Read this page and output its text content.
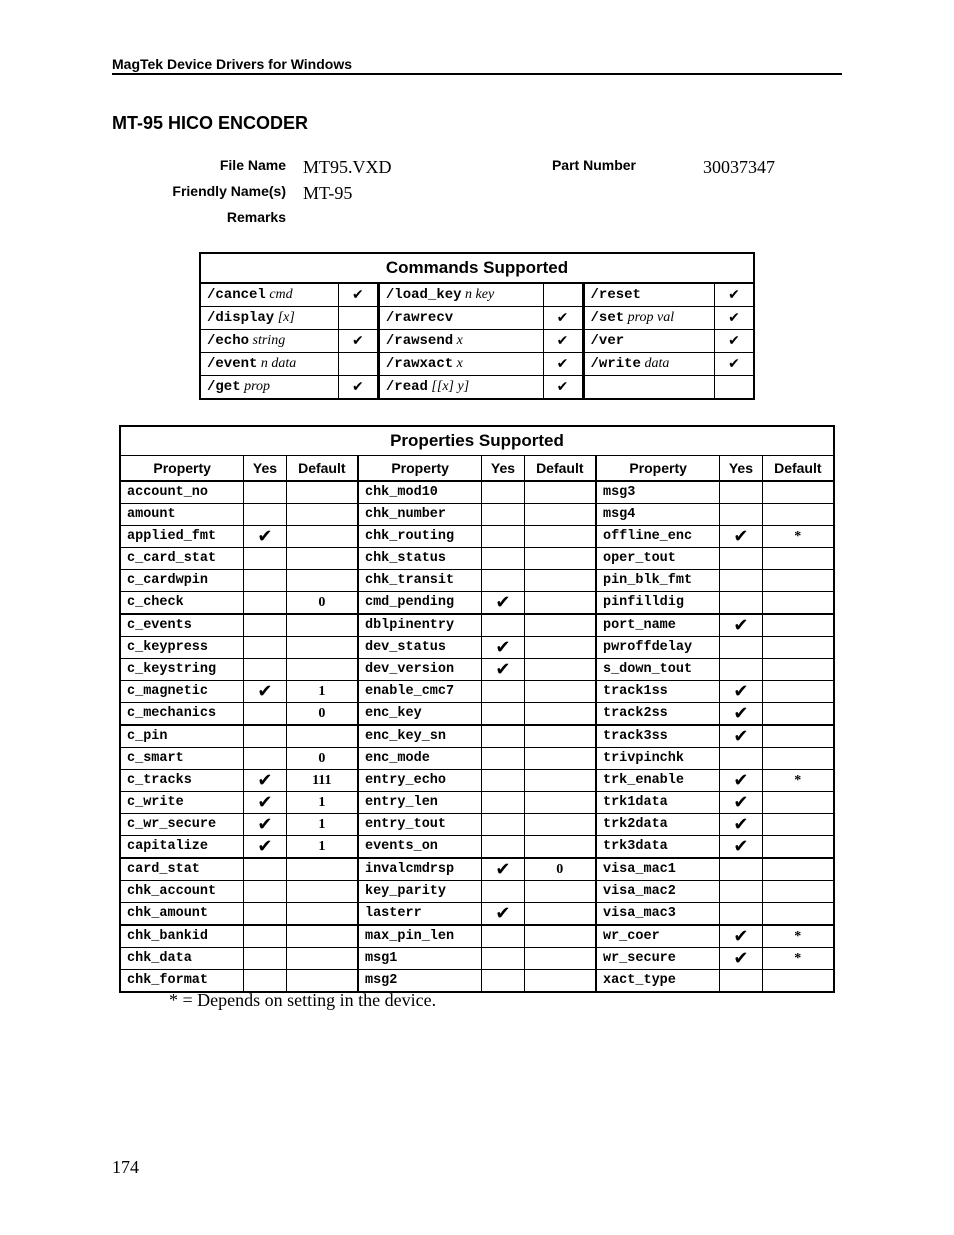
MagTek Device Drivers for Windows
MT-95 HICO ENCODER
File Name MT95.VXD	Part Number	30037347
Friendly Name(s) MT-95
Remarks
Commands Supported					
/cancel cmd	✔	/load_key n key		/reset	✔
/display [x]		/rawrecv	✔	/set prop val	✔
/echo string	✔	/rawsend x	✔	/ver	✔
/event n data		/rawxact x	✔	/write data	✔
/get prop	✔	/read [[x] y]	✔		
Properties Supported								
Property	Yes	Default	Property	Yes	Default	Property	Yes	Default
account_no			chk_mod10			msg3		
amount			chk_number			msg4		
applied_fmt	✔		chk_routing			offline_enc	✔	*
c_card_stat			chk_status			oper_tout		
c_cardwpin			chk_transit			pin_blk_fmt		
c_check		0	cmd_pending	✔		pinfilldig		
c_events			dblpinentry			port_name	✔	
c_keypress			dev_status	✔		pwroffdelay		
c_keystring			dev_version	✔		s_down_tout		
c_magnetic	✔	1	enable_cmc7			track1ss	✔	
c_mechanics		0	enc_key			track2ss	✔	
c_pin			enc_key_sn			track3ss	✔	
c_smart		0	enc_mode			trivpinchk		
c_tracks	✔	111	entry_echo			trk_enable	✔	*
c_write	✔	1	entry_len			trk1data	✔	
c_wr_secure	✔	1	entry_tout			trk2data	✔	
capitalize	✔	1	events_on			trk3data	✔	
card_stat			invalcmdrsp	✔	0	visa_mac1		
chk_account			key_parity			visa_mac2		
chk_amount			lasterr	✔		visa_mac3		
chk_bankid			max_pin_len			wr_coer	✔	*
chk_data			msg1			wr_secure	✔	*
chk_format			msg2			xact_type		
* = Depends on setting in the device.
174
